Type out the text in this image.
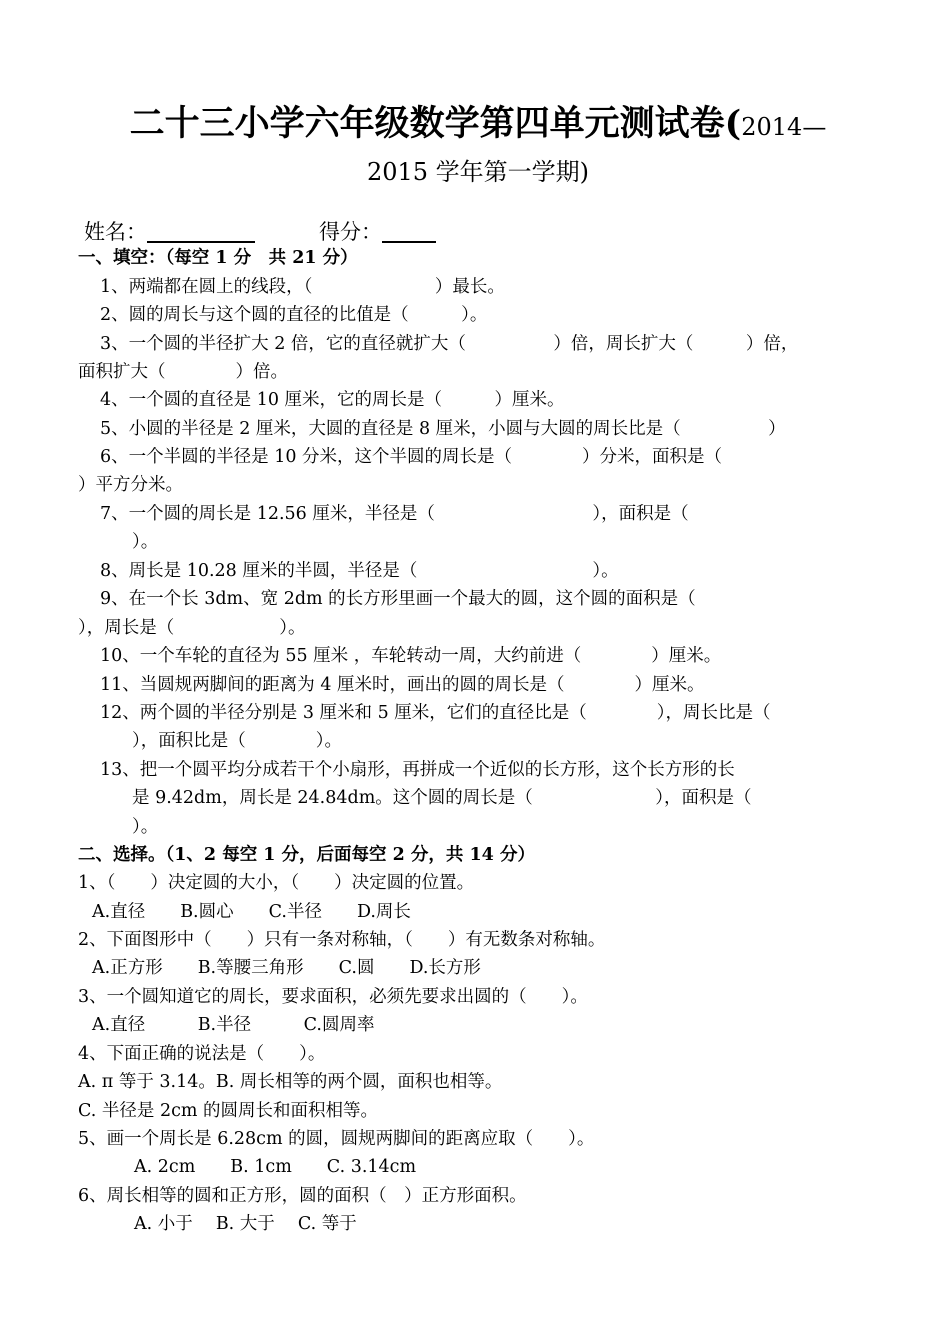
二十三小学六年级数学第四单元测试卷(2014—
2015 学年第一学期)
姓名：	得分：
一、填空：（每空 1 分　共 21 分）
1、两端都在圆上的线段，（　　　　　　　）最长。
2、圆的周长与这个圆的直径的比值是（　　　）。
3、一个圆的半径扩大 2 倍，它的直径就扩大（　　　　　）倍，周长扩大（　　　）倍，
面积扩大（　　　　）倍。
4、一个圆的直径是 10 厘米，它的周长是（　　　）厘米。
5、小圆的半径是 2 厘米，大圆的直径是 8 厘米，小圆与大圆的周长比是（　　　　　）
6、一个半圆的半径是 10 分米，这个半圆的周长是（　　　　）分米，面积是（
）平方分米。
7、一个圆的周长是 12.56 厘米，半径是（　　　　　　　　　），面积是（
）。
8、周长是 10.28 厘米的半圆，半径是（　　　　　　　　　　）。
9、在一个长 3dm、宽 2dm 的长方形里画一个最大的圆，这个圆的面积是（
），周长是（　　　　　　）。
10、一个车轮的直径为 55 厘米 ，车轮转动一周，大约前进（　　　　）厘米。
11、当圆规两脚间的距离为 4 厘米时，画出的圆的周长是（　　　　）厘米。
12、两个圆的半径分别是 3 厘米和 5 厘米，它们的直径比是（　　　　），周长比是（
），面积比是（　　　　）。
13、把一个圆平均分成若干个小扇形，再拼成一个近似的长方形，这个长方形的长
是 9.42dm，周长是 24.84dm。这个圆的周长是（　　　　　　　），面积是（
）。
二、选择。（1、2 每空 1 分，后面每空 2 分，共 14 分）
1、（　　）决定圆的大小，（　　）决定圆的位置。
A.直径　　B.圆心　　C.半径　　D.周长
2、下面图形中（　　）只有一条对称轴，（　　）有无数条对称轴。
A.正方形　　B.等腰三角形　　C.圆　　D.长方形
3、一个圆知道它的周长，要求面积，必须先要求出圆的（　　）。
A.直径　　　B.半径　　　C.圆周率
4、下面正确的说法是（　　）。
A. π 等于 3.14。B. 周长相等的两个圆，面积也相等。
C. 半径是 2cm 的圆周长和面积相等。
5、画一个周长是 6.28cm 的圆，圆规两脚间的距离应取（　　）。
A. 2cm　　B. 1cm　　C. 3.14cm
6、周长相等的圆和正方形，圆的面积（　）正方形面积。
A. 小于　 B. 大于　 C. 等于
